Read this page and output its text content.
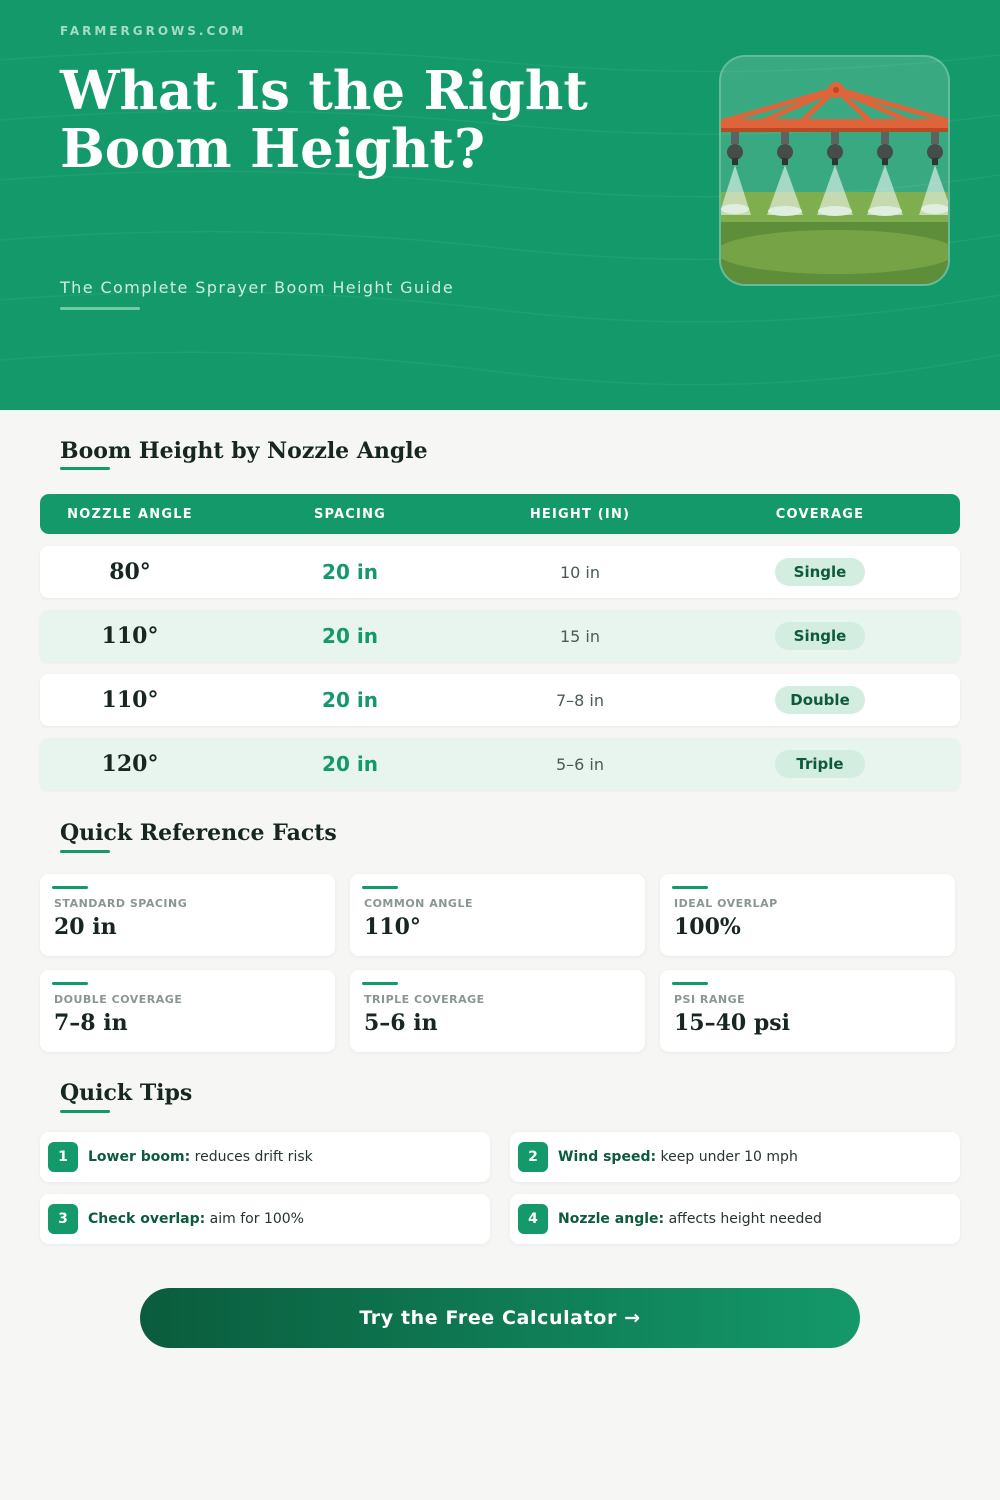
FARMERGROWS.COM
What Is the Right Boom Height?
The Complete Sprayer Boom Height Guide
Boom Height by Nozzle Angle
NOZZLE ANGLE	SPACING	HEIGHT (IN)	COVERAGE
80°	20 in	10 in	Single
110°	20 in	15 in	Single
110°	20 in	7–8 in	Double
120°	20 in	5–6 in	Triple
Quick Reference Facts
STANDARD SPACING
20 in
COMMON ANGLE
110°
IDEAL OVERLAP
100%
DOUBLE COVERAGE
7–8 in
TRIPLE COVERAGE
5–6 in
PSI RANGE
15–40 psi
Quick Tips
1	Lower boom: reduces drift risk	2	Wind speed: keep under 10 mph
3	Check overlap: aim for 100%	4	Nozzle angle: affects height needed
Try the Free Calculator →
